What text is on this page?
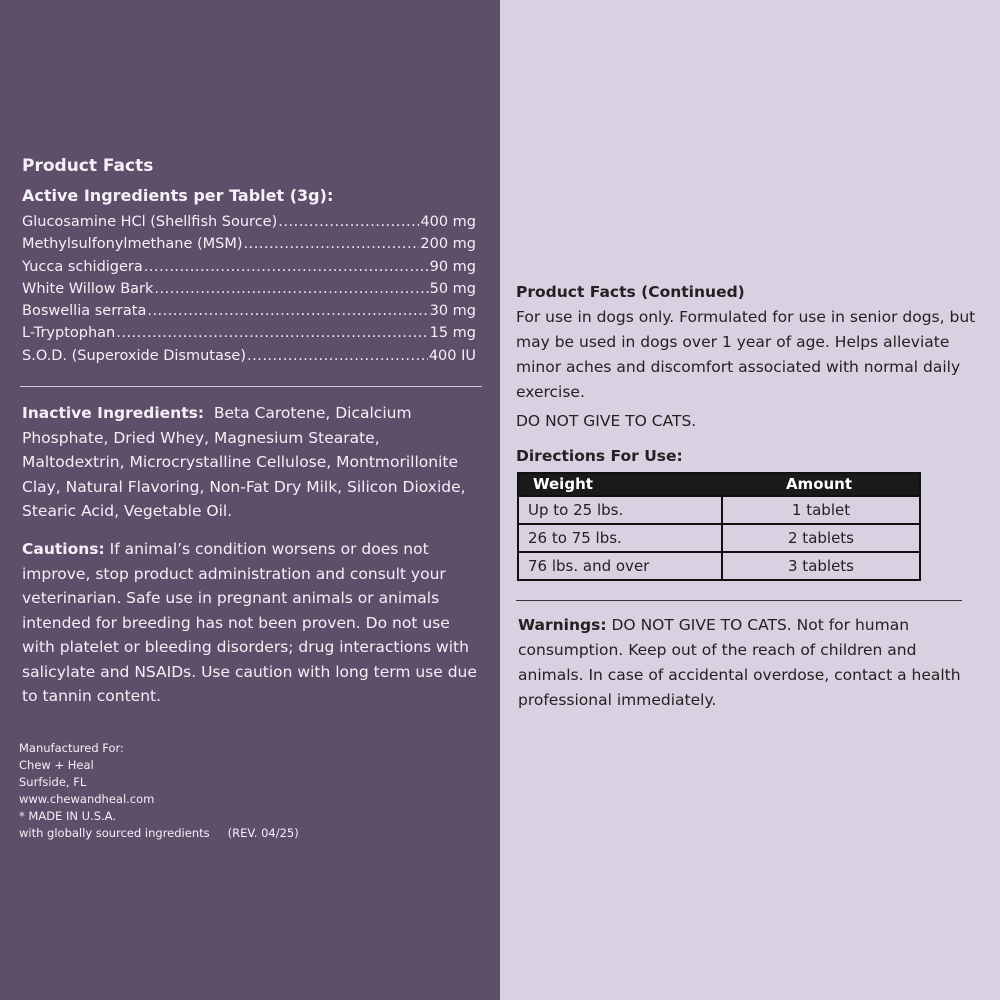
Product Facts
Active Ingredients per Tablet (3g):
Glucosamine HCl (Shellfish Source) .....	400 mg
Methylsulfonylmethane (MSM) .....	200 mg
Yucca schidigera .....	90 mg
White Willow Bark .....	50 mg
Boswellia serrata .....	30 mg
L-Tryptophan .....	15 mg
S.O.D. (Superoxide Dismutase) .....	400 IU
Inactive Ingredients: Beta Carotene, Dicalcium Phosphate, Dried Whey, Magnesium Stearate, Maltodextrin, Microcrystalline Cellulose, Montmorillonite Clay, Natural Flavoring, Non-Fat Dry Milk, Silicon Dioxide, Stearic Acid, Vegetable Oil.
Cautions: If animal’s condition worsens or does not improve, stop product administration and consult your veterinarian. Safe use in pregnant animals or animals intended for breeding has not been proven. Do not use with platelet or bleeding disorders; drug interactions with salicylate and NSAIDs. Use caution with long term use due to tannin content.
Manufactured For:
Chew + Heal
Surfside, FL
www.chewandheal.com
* MADE IN U.S.A.
with globally sourced ingredients (REV. 04/25)
Product Facts (Continued)
For use in dogs only. Formulated for use in senior dogs, but may be used in dogs over 1 year of age. Helps alleviate minor aches and discomfort associated with normal daily exercise.
DO NOT GIVE TO CATS.
Directions For Use:
Weight	Amount
Up to 25 lbs.	1 tablet
26 to 75 lbs.	2 tablets
76 lbs. and over	3 tablets
Warnings: DO NOT GIVE TO CATS. Not for human consumption. Keep out of the reach of children and animals. In case of accidental overdose, contact a health professional immediately.
